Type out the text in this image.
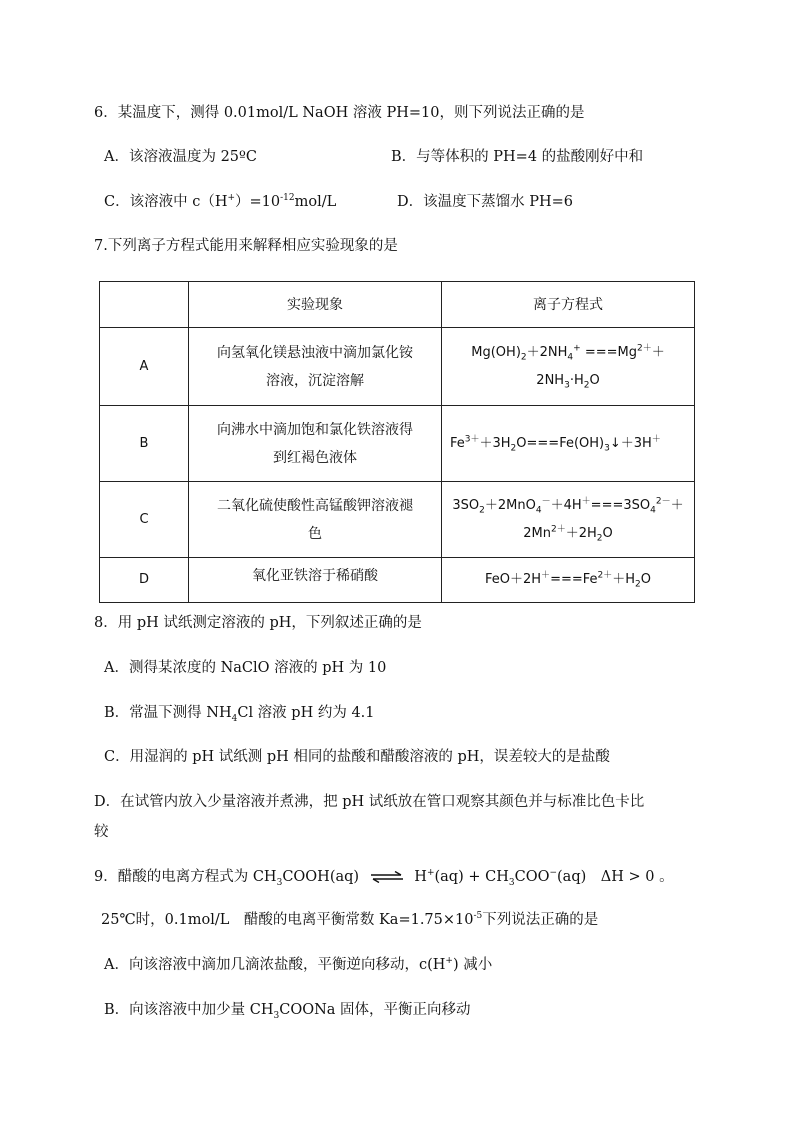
6．某温度下，测得 0.01mol/L NaOH 溶液 PH=10，则下列说法正确的是
A．该溶液温度为 25ºC	B．与等体积的 PH=4 的盐酸刚好中和
C．该溶液中 $c(H^+)=10^{-12}mol/L$	D．该温度下蒸馏水 PH=6
7.下列离子方程式能用来解释相应实验现象的是
	实验现象	离子方程式
A	向氢氧化镁悬浊液中滴加氯化铵
溶液，沉淀溶解	$Mg(OH)_2+2NH_4^+ ===Mg^{2+}+$
$2NH_3\cdot H_2O$
B	向沸水中滴加饱和氯化铁溶液得
到红褐色液体	$Fe^{3+}+3H_2O===Fe(OH)_3↓+3H^+$
C	二氧化硫使酸性高锰酸钾溶液褪
色	$3SO_2+2MnO_4^-+4H^+===3SO_4^{2-}+$
$2Mn^{2+}+2H_2O$
D	氧化亚铁溶于稀硝酸	$FeO+2H^+===Fe^{2+}+H_2O$
8．用 pH 试纸测定溶液的 pH，下列叙述正确的是
A．测得某浓度的 NaClO 溶液的 pH 为 10
B．常温下测得 $NH_4Cl$ 溶液 pH 约为 4.1
C．用湿润的 pH 试纸测 pH 相同的盐酸和醋酸溶液的 pH，误差较大的是盐酸
D．在试管内放入少量溶液并煮沸，把 pH 试纸放在管口观察其颜色并与标准比色卡比
较
9．醋酸的电离方程式为 $CH_3COOH(aq)$ ⇌ $H^+(aq) + CH_3COO^-(aq)$　ΔH > 0 。
25℃时，0.1mol/L　醋酸的电离平衡常数 $Ka=1.75\times 10^{-5}$下列说法正确的是
A．向该溶液中滴加几滴浓盐酸，平衡逆向移动，c(H+) 减小
B．向该溶液中加少量 $CH_3COONa$ 固体，平衡正向移动
